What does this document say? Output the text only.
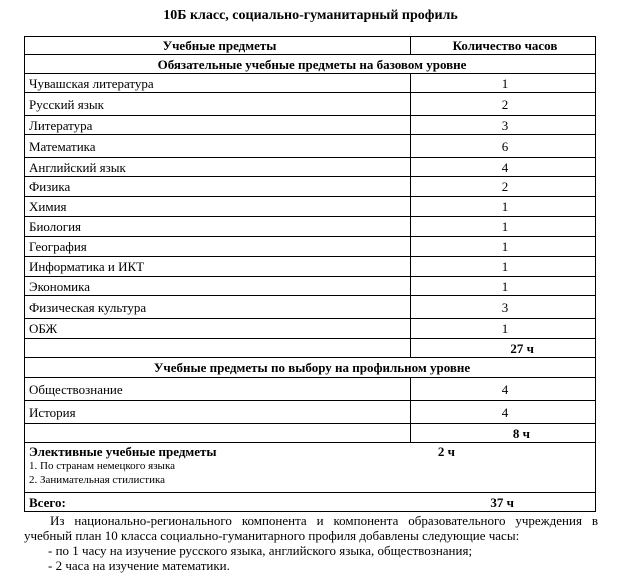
10Б класс, социально-гуманитарный профиль
Учебные предметы	Количество часов
Обязательные учебные предметы на базовом уровне	
Чувашская литература	1
Русский язык	2
Литература	3
Математика	6
Английский язык	4
Физика	2
Химия	1
Биология	1
География	1
Информатика и ИКТ	1
Экономика	1
Физическая культура	3
ОБЖ	1
	27 ч
Учебные предметы по выбору на профильном уровне	
Обществознание	4
История	4
	8 ч

Элективные учебные предметы 2 ч
1. По странам немецкого языка
2. Занимательная стилистика	

Всего: 37 ч	

Из национально-регионального компонента и компонента образовательного учреждения в учебный план 10 класса социально-гуманитарного профиля добавлены следующие часы:

- по 1 часу на изучение русского языка, английского языка, обществознания;
- 2 часа на изучение математики.
